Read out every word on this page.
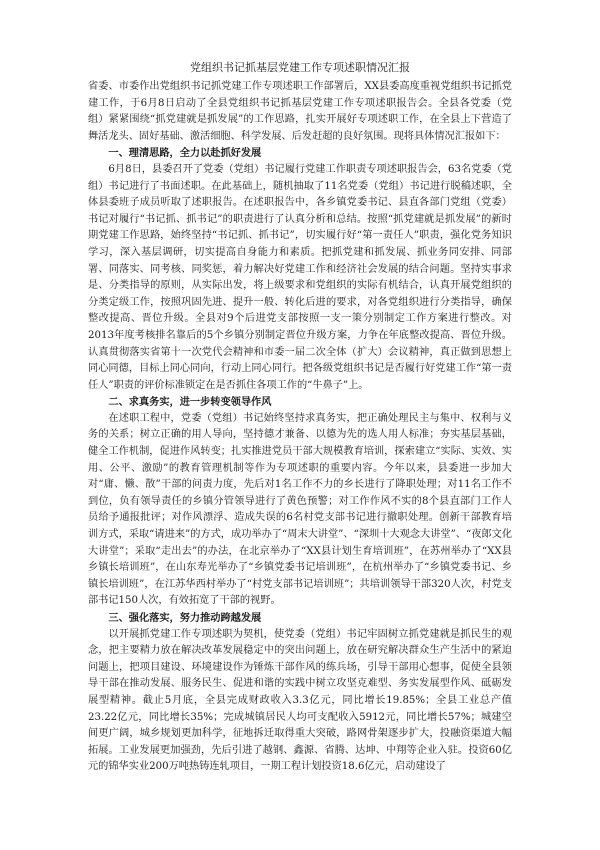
党组织书记抓基层党建工作专项述职情况汇报

省委、市委作出党组织书记抓党建工作专项述职工作部署后，XX县委高度重视党组织书记抓党建工作，于6月8日启动了全县党组织书记抓基层党建工作专项述职报告会。全县各党委（党组）紧紧围绕“抓党建就是抓发展”的工作思路，扎实开展好专项述职工作，在全县上下营造了舞活龙头、固好基础、激活细胞、科学发展、后发赶超的良好氛围。现将具体情况汇报如下：

一、理清思路，全力以赴抓好发展

6月8日，县委召开了党委（党组）书记履行党建工作职责专项述职报告会，63名党委（党组）书记进行了书面述职。在此基础上，随机抽取了11名党委（党组）书记进行脱稿述职，全体县委班子成员听取了述职报告。在述职报告中，各乡镇党委书记、县直各部门党组（党委）书记对履行“书记抓、抓书记”的职责进行了认真分析和总结。按照“抓党建就是抓发展”的新时期党建工作思路，始终坚持“书记抓、抓书记”，切实履行好“第一责任人”职责，强化党务知识学习，深入基层调研，切实提高自身能力和素质。把抓党建和抓发展、抓业务同安排、同部署、同落实、同考核、同奖惩，着力解决好党建工作和经济社会发展的结合问题。坚持实事求是、分类指导的原则，从实际出发，将上级要求和党组织的实际有机结合，认真开展党组织的分类定级工作，按照巩固先进、提升一般、转化后进的要求，对各党组织进行分类指导，确保整改提高、晋位升级。全县对9个后进党支部按照一支一策分别制定工作方案进行整改。对2013年度考核排名靠后的5个乡镇分别制定晋位升级方案，力争在年底整改提高、晋位升级。认真贯彻落实省第十一次党代会精神和市委一届二次全体（扩大）会议精神，真正做到思想上同心同德，目标上同心同向，行动上同心同行。把各级党组织书记是否履行好党建工作“第一责任人”职责的评价标准锁定在是否抓住各项工作的“牛鼻子”上。

二、求真务实，进一步转变领导作风

在述职工程中，党委（党组）书记始终坚持求真务实，把正确处理民主与集中、权利与义务的关系；树立正确的用人导向，坚持德才兼备、以德为先的选人用人标准；夯实基层基础，健全工作机制，促进作风转变；扎实推进党员干部大规模教育培训，探索建立“实际、实效、实用、公平、激励”的教育管理机制等作为专项述职的重要内容。今年以来，县委进一步加大对“庸、懒、散”干部的问责力度，先后对1名工作不力的乡长进行了降职处理；对11名工作不到位，负有领导责任的乡镇分管领导进行了黄色预警；对工作作风不实的8个县直部门工作人员给予通报批评；对作风漂浮、造成失误的6名村党支部书记进行撤职处理。创新干部教育培训方式，采取“请进来”的方式，成功举办了“周末大讲堂”、“深圳十大观念大讲堂”、“夜郎文化大讲堂”；采取“走出去”的办法，在北京举办了“XX县计划生育培训班”，在苏州举办了“XX县乡镇长培训班”，在山东寿光举办了“乡镇党委书记培训班”，在杭州举办了“乡镇党委书记、乡镇长培训班”，在江苏华西村举办了“村党支部书记培训班”；共培训领导干部320人次，村党支部书记150人次，有效拓宽了干部的视野。

三、强化落实，努力推动跨越发展

以开展抓党建工作专项述职为契机，使党委（党组）书记牢固树立抓党建就是抓民生的观念，把主要精力放在解决改革发展稳定中的突出问题上，放在研究解决群众生产生活中的紧迫问题上，把项目建设、环境建设作为锤炼干部作风的练兵场，引导干部用心想事，促使全县领导干部在推动发展、服务民生、促进和谐的实践中树立攻坚克难型、务实发展型作风、砥砺发展型精神。截止5月底，全县完成财政收入3.3亿元，同比增长19.85%；全县工业总产值23.22亿元，同比增长35%；完成城镇居民人均可支配收入5912元，同比增长57%；城建空间更广阔，城乡规划更加科学，征地拆迁取得重大突破，路网骨架逐步扩大，投融资渠道大幅拓展。工业发展更加强劲，先后引进了越钢、鑫源、省腾、达坤、中翔等企业入驻。投资60亿元的锦华实业200万吨热铸连轧项目，一期工程计划投资18.6亿元，启动建设了
